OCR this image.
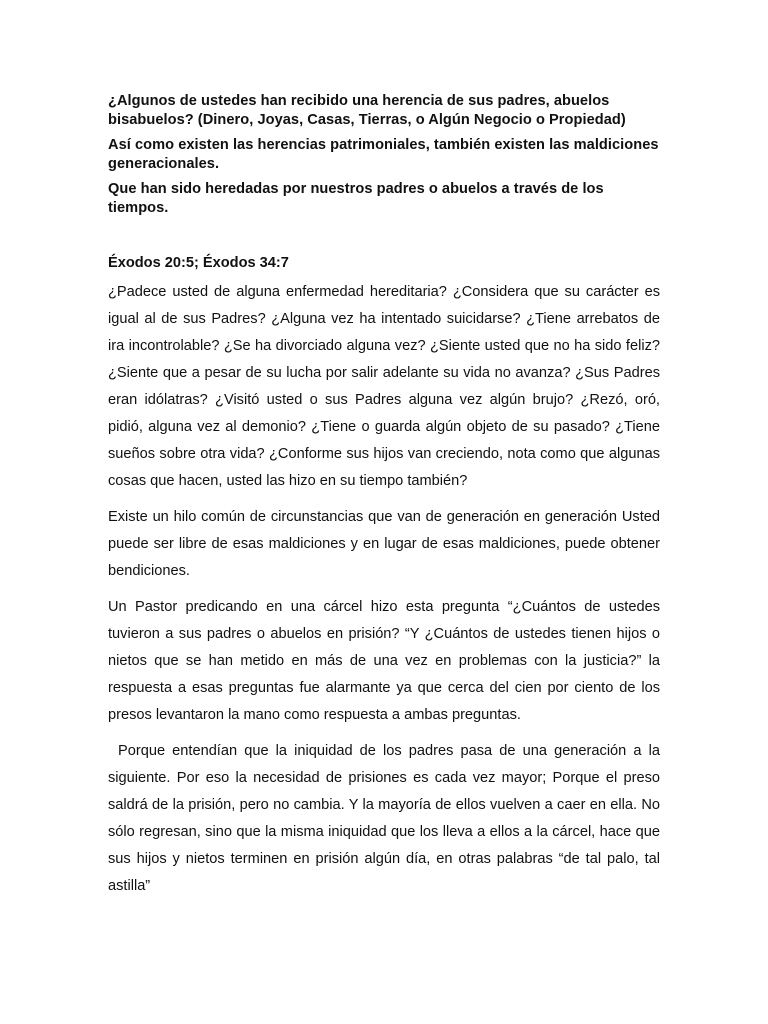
¿Algunos de ustedes han recibido una herencia de sus padres, abuelos bisabuelos? (Dinero, Joyas, Casas, Tierras, o Algún Negocio o Propiedad)

Así como existen las herencias patrimoniales, también existen las maldiciones generacionales.

Que han sido heredadas por nuestros padres o abuelos a través de los tiempos.

Éxodos 20:5; Éxodos 34:7

¿Padece usted de alguna enfermedad hereditaria? ¿Considera que su carácter es igual al de sus Padres? ¿Alguna vez ha intentado suicidarse? ¿Tiene arrebatos de ira incontrolable? ¿Se ha divorciado alguna vez? ¿Siente usted que no ha sido feliz? ¿Siente que a pesar de su lucha por salir adelante su vida no avanza? ¿Sus Padres eran idólatras? ¿Visitó usted o sus Padres alguna vez algún brujo? ¿Rezó, oró, pidió, alguna vez al demonio? ¿Tiene o guarda algún objeto de su pasado? ¿Tiene sueños sobre otra vida? ¿Conforme sus hijos van creciendo, nota como que algunas cosas que hacen, usted las hizo en su tiempo también?

Existe un hilo común de circunstancias que van de generación en generación Usted puede ser libre de esas maldiciones y en lugar de esas maldiciones, puede obtener bendiciones.

Un Pastor predicando en una cárcel hizo esta pregunta “¿Cuántos de ustedes tuvieron a sus padres o abuelos en prisión? “Y ¿Cuántos de ustedes tienen hijos o nietos que se han metido en más de una vez en problemas con la justicia?” la respuesta a esas preguntas fue alarmante ya que cerca del cien por ciento de los presos levantaron la mano como respuesta a ambas preguntas.

Porque entendían que la iniquidad de los padres pasa de una generación a la siguiente. Por eso la necesidad de prisiones es cada vez mayor; Porque el preso saldrá de la prisión, pero no cambia. Y la mayoría de ellos vuelven a caer en ella. No sólo regresan, sino que la misma iniquidad que los lleva a ellos a la cárcel, hace que sus hijos y nietos terminen en prisión algún día, en otras palabras “de tal palo, tal astilla”
